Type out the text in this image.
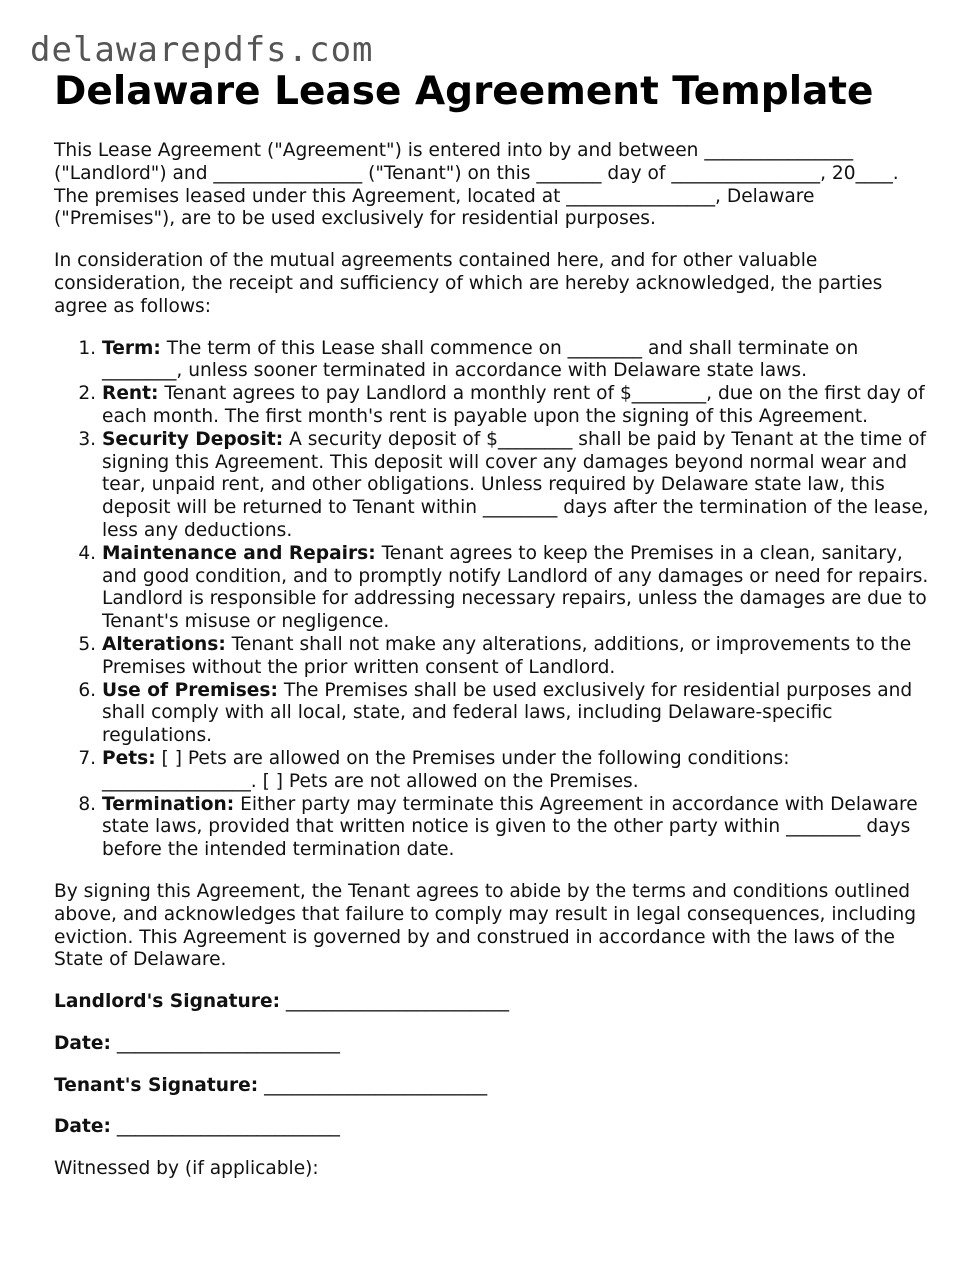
delawarepdfs.com
Delaware Lease Agreement Template

This Lease Agreement ("Agreement") is entered into by and between ________________ ("Landlord") and ________________ ("Tenant") on this _______ day of ________________, 20____. The premises leased under this Agreement, located at ________________, Delaware ("Premises"), are to be used exclusively for residential purposes.

In consideration of the mutual agreements contained here, and for other valuable consideration, the receipt and sufficiency of which are hereby acknowledged, the parties agree as follows:

1. Term: The term of this Lease shall commence on ________ and shall terminate on ________, unless sooner terminated in accordance with Delaware state laws.
2. Rent: Tenant agrees to pay Landlord a monthly rent of $________, due on the first day of each month. The first month's rent is payable upon the signing of this Agreement.
3. Security Deposit: A security deposit of $________ shall be paid by Tenant at the time of signing this Agreement. This deposit will cover any damages beyond normal wear and tear, unpaid rent, and other obligations. Unless required by Delaware state law, this deposit will be returned to Tenant within ________ days after the termination of the lease, less any deductions.
4. Maintenance and Repairs: Tenant agrees to keep the Premises in a clean, sanitary, and good condition, and to promptly notify Landlord of any damages or need for repairs. Landlord is responsible for addressing necessary repairs, unless the damages are due to Tenant's misuse or negligence.
5. Alterations: Tenant shall not make any alterations, additions, or improvements to the Premises without the prior written consent of Landlord.
6. Use of Premises: The Premises shall be used exclusively for residential purposes and shall comply with all local, state, and federal laws, including Delaware-specific regulations.
7. Pets: [ ] Pets are allowed on the Premises under the following conditions: ________________. [ ] Pets are not allowed on the Premises.
8. Termination: Either party may terminate this Agreement in accordance with Delaware state laws, provided that written notice is given to the other party within ________ days before the intended termination date.

By signing this Agreement, the Tenant agrees to abide by the terms and conditions outlined above, and acknowledges that failure to comply may result in legal consequences, including eviction. This Agreement is governed by and construed in accordance with the laws of the State of Delaware.

Landlord's Signature: ________________________
Date: ________________________
Tenant's Signature: ________________________
Date: ________________________

Witnessed by (if applicable):
